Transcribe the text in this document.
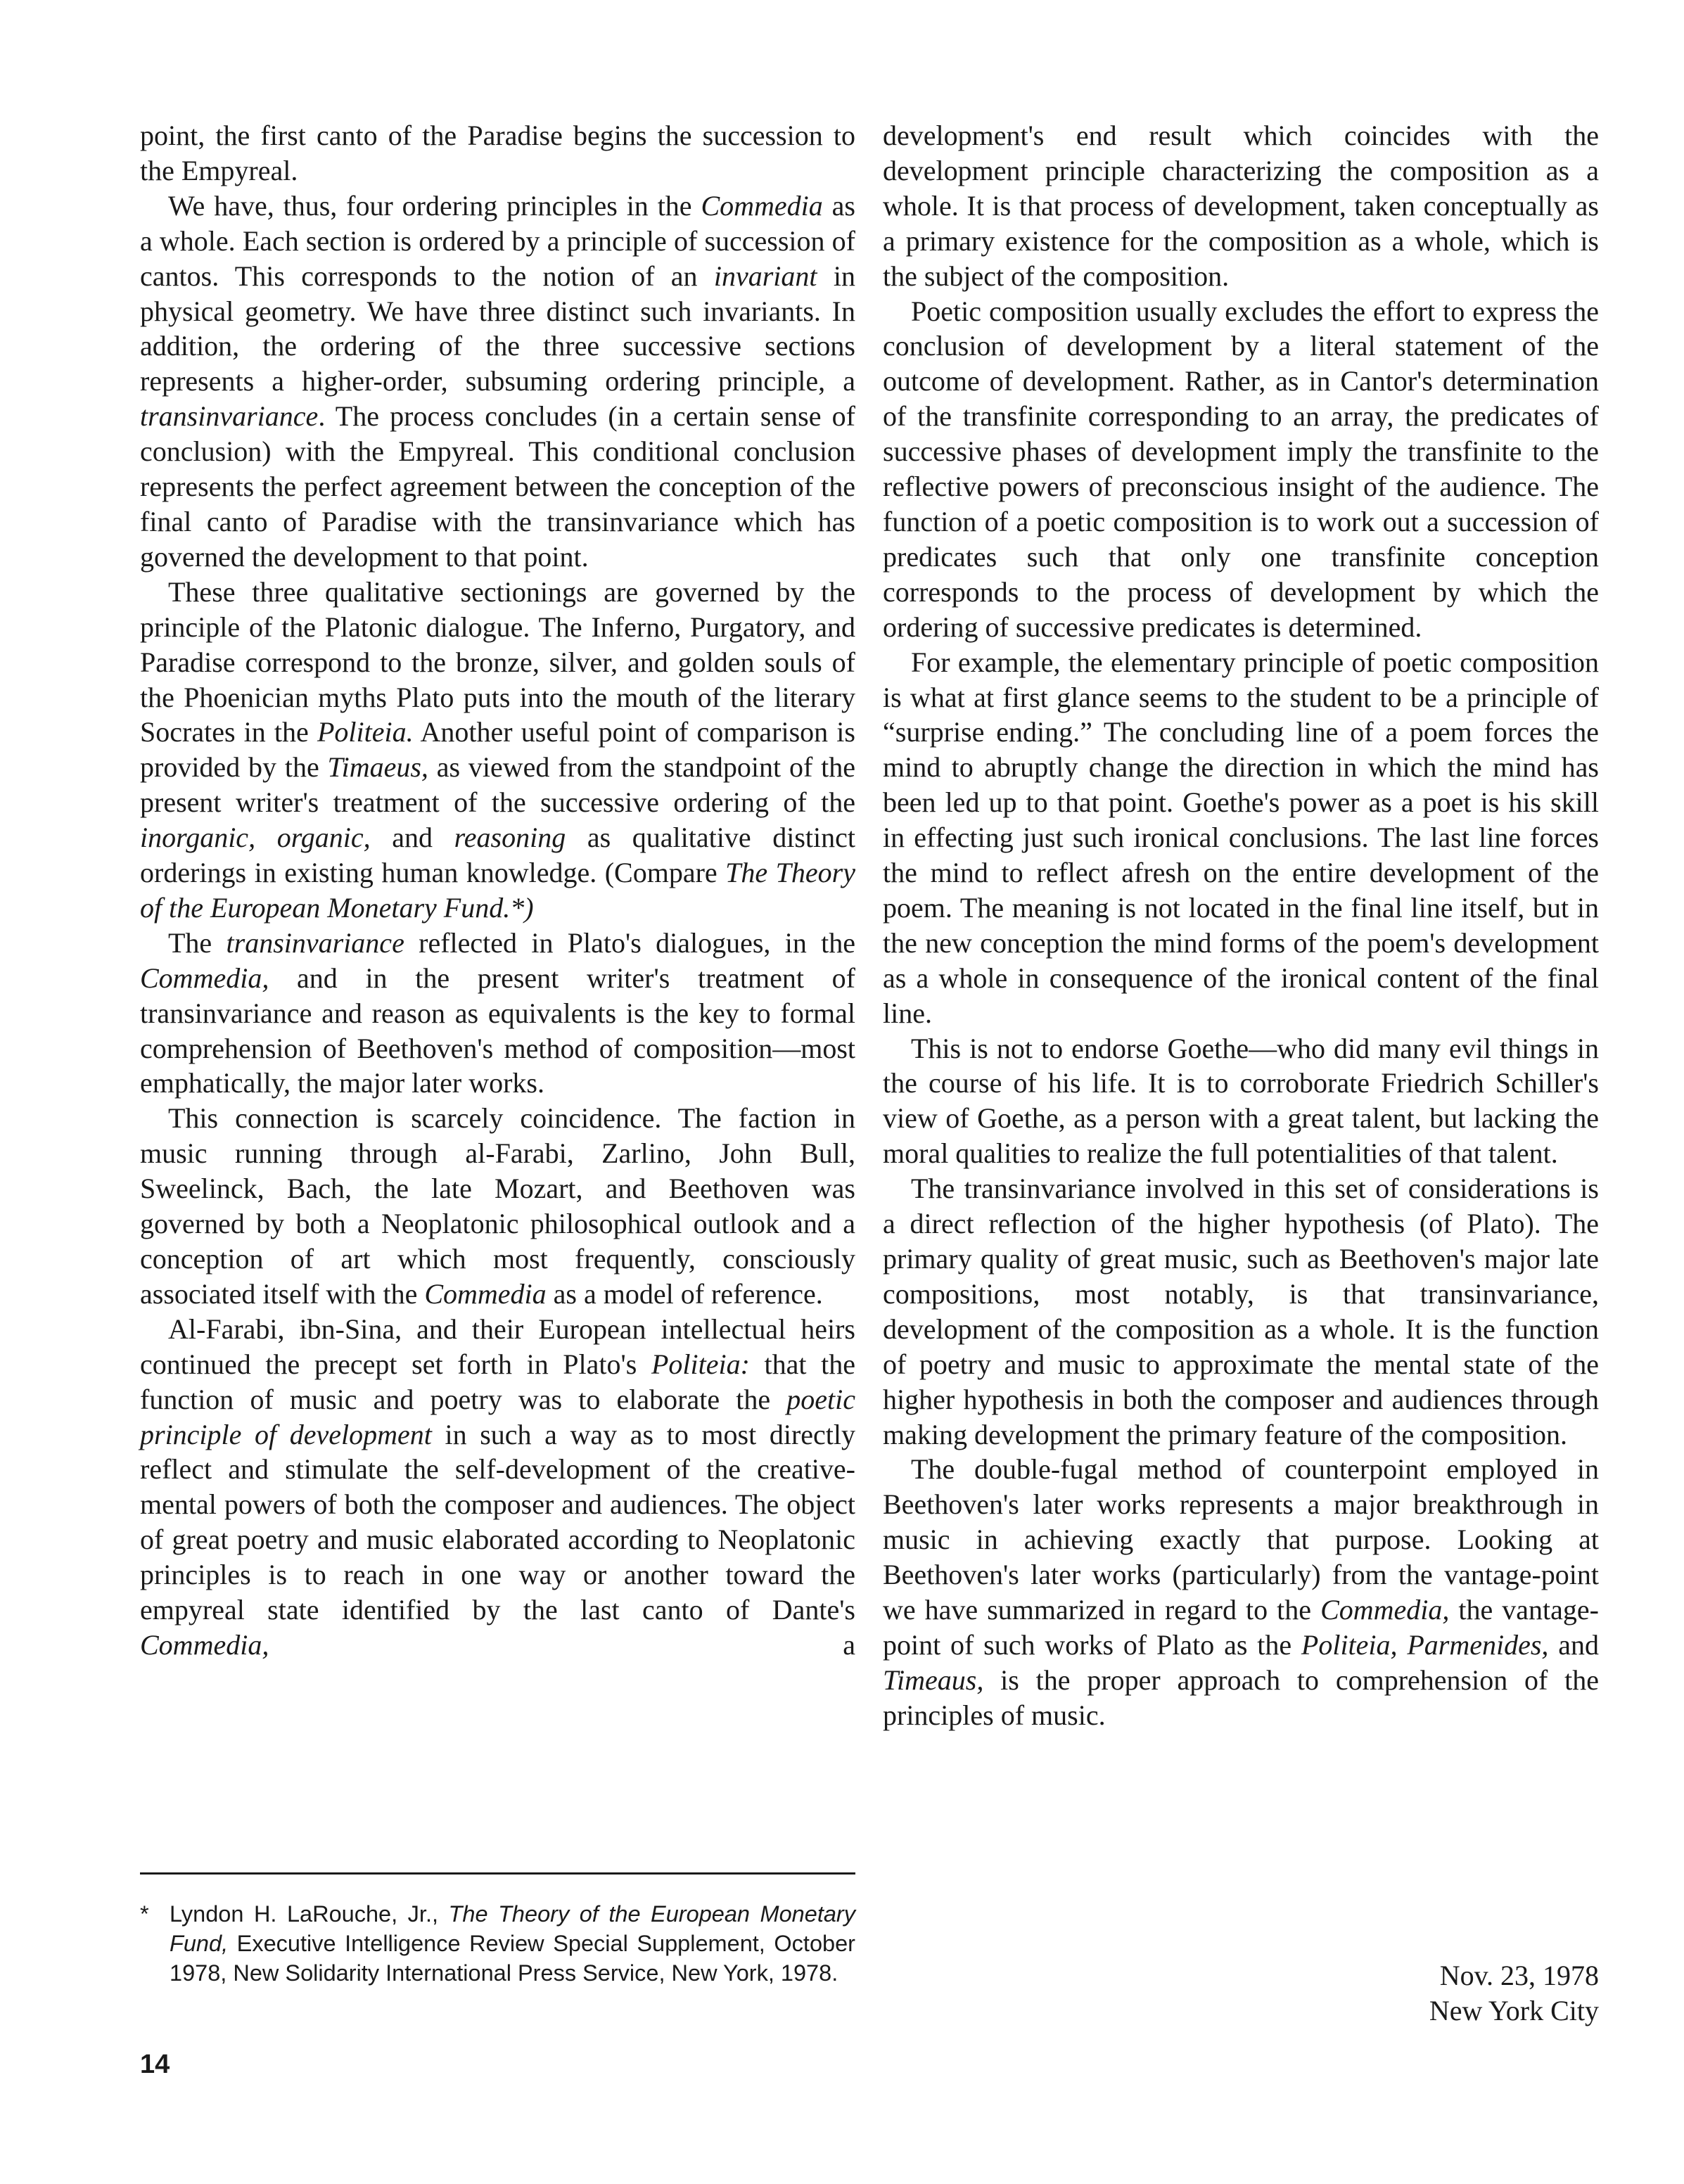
point, the first canto of the Paradise begins the succession to the Empyreal.

We have, thus, four ordering principles in the Commedia as a whole. Each section is ordered by a principle of succession of cantos. This corresponds to the notion of an invariant in physical geometry. We have three distinct such invariants. In addition, the ordering of the three successive sections represents a higher-order, subsuming ordering principle, a transinvariance. The process concludes (in a certain sense of conclusion) with the Empyreal. This conditional conclusion represents the perfect agreement between the conception of the final canto of Paradise with the transinvariance which has governed the development to that point.

These three qualitative sectionings are governed by the principle of the Platonic dialogue. The Inferno, Purgatory, and Paradise correspond to the bronze, silver, and golden souls of the Phoenician myths Plato puts into the mouth of the literary Socrates in the Politeia. Another useful point of comparison is provided by the Timaeus, as viewed from the standpoint of the present writer's treatment of the successive ordering of the inorganic, organic, and reasoning as qualitative distinct orderings in existing human knowledge. (Compare The Theory of the European Monetary Fund.*)

The transinvariance reflected in Plato's dialogues, in the Commedia, and in the present writer's treatment of transinvariance and reason as equivalents is the key to formal comprehension of Beethoven's method of composition—most emphatically, the major later works.

This connection is scarcely coincidence. The faction in music running through al-Farabi, Zarlino, John Bull, Sweelinck, Bach, the late Mozart, and Beethoven was governed by both a Neoplatonic philosophical outlook and a conception of art which most frequently, consciously associated itself with the Commedia as a model of reference.

Al-Farabi, ibn-Sina, and their European intellectual heirs continued the precept set forth in Plato's Politeia: that the function of music and poetry was to elaborate the poetic principle of development in such a way as to most directly reflect and stimulate the self-development of the creative-mental powers of both the composer and audiences. The object of great poetry and music elaborated according to Neoplatonic principles is to reach in one way or another toward the empyreal state identified by the last canto of Dante's Commedia, a

development's end result which coincides with the development principle characterizing the composition as a whole. It is that process of development, taken conceptually as a primary existence for the composition as a whole, which is the subject of the composition.

Poetic composition usually excludes the effort to express the conclusion of development by a literal statement of the outcome of development. Rather, as in Cantor's determination of the transfinite corresponding to an array, the predicates of successive phases of development imply the transfinite to the reflective powers of preconscious insight of the audience. The function of a poetic composition is to work out a succession of predicates such that only one transfinite conception corresponds to the process of development by which the ordering of successive predicates is determined.

For example, the elementary principle of poetic composition is what at first glance seems to the student to be a principle of “surprise ending.” The concluding line of a poem forces the mind to abruptly change the direction in which the mind has been led up to that point. Goethe's power as a poet is his skill in effecting just such ironical conclusions. The last line forces the mind to reflect afresh on the entire development of the poem. The meaning is not located in the final line itself, but in the new conception the mind forms of the poem's development as a whole in consequence of the ironical content of the final line.

This is not to endorse Goethe—who did many evil things in the course of his life. It is to corroborate Friedrich Schiller's view of Goethe, as a person with a great talent, but lacking the moral qualities to realize the full potentialities of that talent.

The transinvariance involved in this set of considerations is a direct reflection of the higher hypothesis (of Plato). The primary quality of great music, such as Beethoven's major late compositions, most notably, is that transinvariance, development of the composition as a whole. It is the function of poetry and music to approximate the mental state of the higher hypothesis in both the composer and audiences through making development the primary feature of the composition.

The double-fugal method of counterpoint employed in Beethoven's later works represents a major breakthrough in music in achieving exactly that purpose. Looking at Beethoven's later works (particularly) from the vantage-point we have summarized in regard to the Commedia, the vantage-point of such works of Plato as the Politeia, Parmenides, and Timeaus, is the proper approach to comprehension of the principles of music.

* Lyndon H. LaRouche, Jr., The Theory of the European Monetary Fund, Executive Intelligence Review Special Supplement, October 1978, New Solidarity International Press Service, New York, 1978.	Nov. 23, 1978
New York City
14
